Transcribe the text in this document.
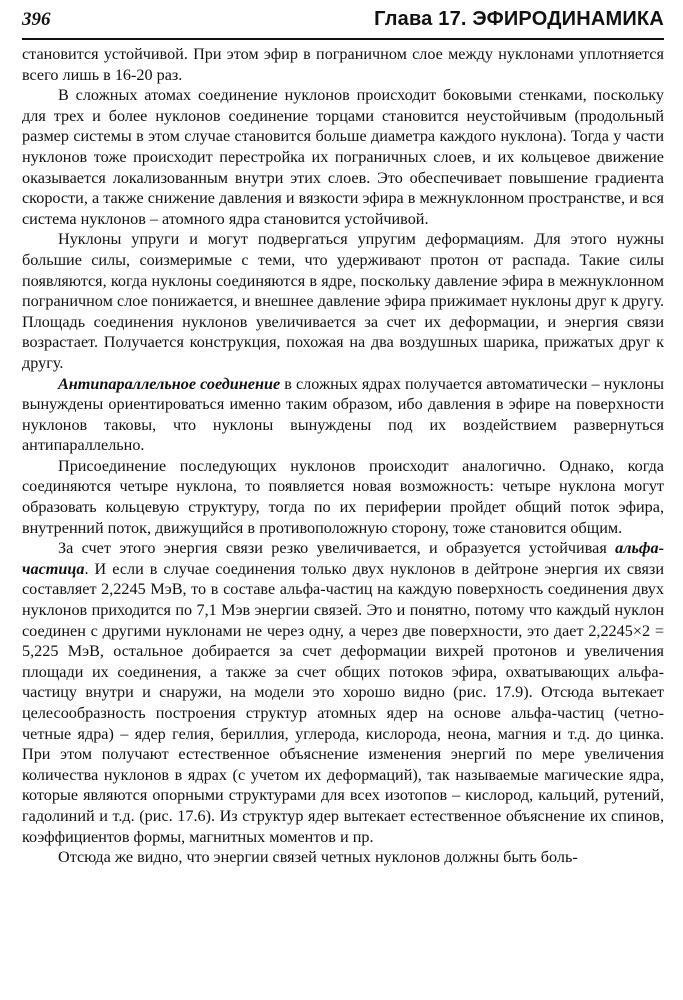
396	Глава 17. ЭФИРОДИНАМИКА

становится устойчивой. При этом эфир в пограничном слое между нуклонами уплотняется всего лишь в 16-20 раз.

В сложных атомах соединение нуклонов происходит боковыми стенками, поскольку для трех и более нуклонов соединение торцами становится неустойчивым (продольный размер системы в этом случае становится больше диаметра каждого нуклона). Тогда у части нуклонов тоже происходит перестройка их пограничных слоев, и их кольцевое движение оказывается локализованным внутри этих слоев. Это обеспечивает повышение градиента скорости, а также снижение давления и вязкости эфира в межнуклонном пространстве, и вся система нуклонов – атомного ядра становится устойчивой.

Нуклоны упруги и могут подвергаться упругим деформациям. Для этого нужны большие силы, соизмеримые с теми, что удерживают протон от распада. Такие силы появляются, когда нуклоны соединяются в ядре, поскольку давление эфира в межнуклонном пограничном слое понижается, и внешнее давление эфира прижимает нуклоны друг к другу. Площадь соединения нуклонов увеличивается за счет их деформации, и энергия связи возрастает. Получается конструкция, похожая на два воздушных шарика, прижатых друг к другу.

Антипараллельное соединение в сложных ядрах получается автоматически – нуклоны вынуждены ориентироваться именно таким образом, ибо давления в эфире на поверхности нуклонов таковы, что нуклоны вынуждены под их воздействием развернуться антипараллельно.

Присоединение последующих нуклонов происходит аналогично. Однако, когда соединяются четыре нуклона, то появляется новая возможность: четыре нуклона могут образовать кольцевую структуру, тогда по их периферии пройдет общий поток эфира, внутренний поток, движущийся в противоположную сторону, тоже становится общим.

За счет этого энергия связи резко увеличивается, и образуется устойчивая альфа-частица. И если в случае соединения только двух нуклонов в дейтроне энергия их связи составляет 2,2245 МэВ, то в составе альфа-частиц на каждую поверхность соединения двух нуклонов приходится по 7,1 Мэв энергии связей. Это и понятно, потому что каждый нуклон соединен с другими нуклонами не через одну, а через две поверхности, это дает 2,2245×2 = 5,225 МэВ, остальное добирается за счет деформации вихрей протонов и увеличения площади их соединения, а также за счет общих потоков эфира, охватывающих альфа-частицу внутри и снаружи, на модели это хорошо видно (рис. 17.9). Отсюда вытекает целесообразность построения структур атомных ядер на основе альфа-частиц (четно-четные ядра) – ядер гелия, бериллия, углерода, кислорода, неона, магния и т.д. до цинка. При этом получают естественное объяснение изменения энергий по мере увеличения количества нуклонов в ядрах (с учетом их деформаций), так называемые магические ядра, которые являются опорными структурами для всех изотопов – кислород, кальций, рутений, гадолиний и т.д. (рис. 17.6). Из структур ядер вытекает естественное объяснение их спинов, коэффициентов формы, магнитных моментов и пр.

Отсюда же видно, что энергии связей четных нуклонов должны быть боль-
